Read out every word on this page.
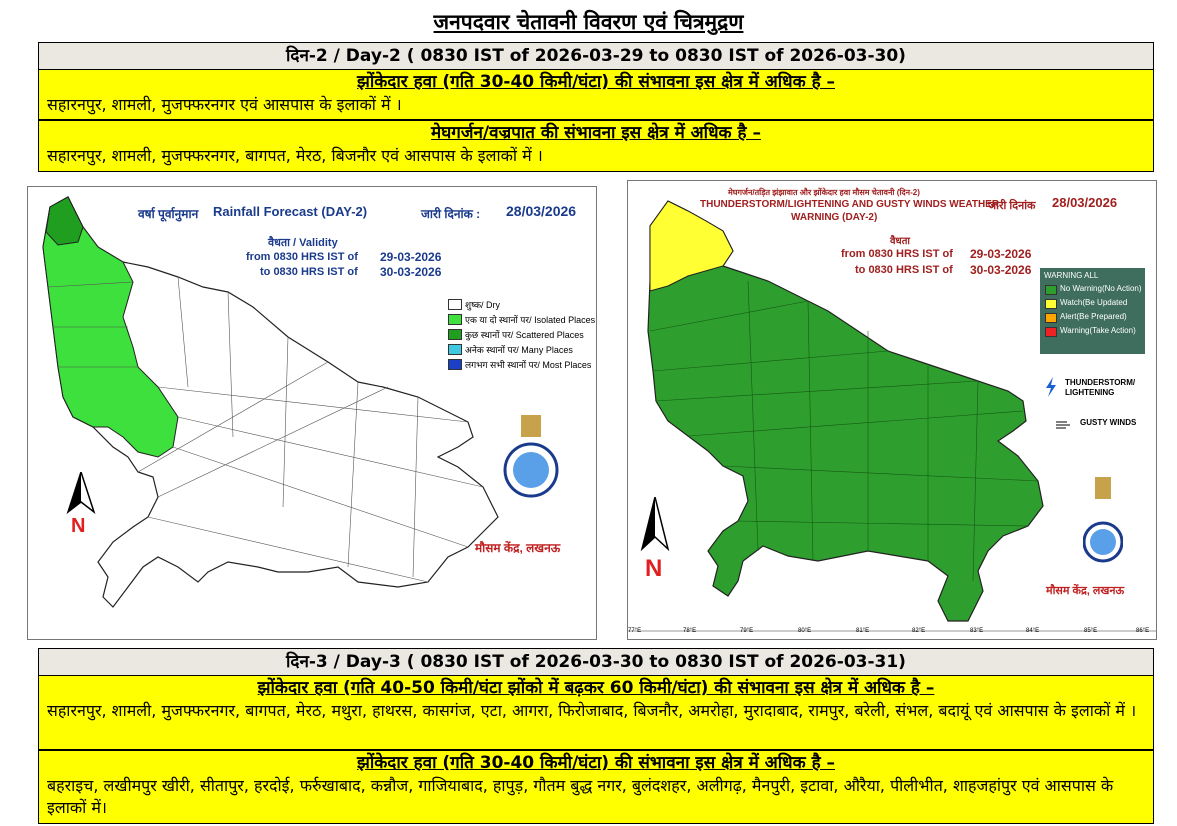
जनपदवार चेतावनी विवरण एवं चित्रमुद्रण
दिन-2 / Day-2 ( 0830 IST of 2026-03-29 to 0830 IST of 2026-03-30)
झोंकेदार हवा (गति 30-40 किमी/घंटा) की संभावना इस क्षेत्र में अधिक है –
सहारनपुर, शामली, मुजफ्फरनगर एवं आसपास के इलाकों में ।
मेघगर्जन/वज्रपात की संभावना इस क्षेत्र में अधिक है –
सहारनपुर, शामली, मुजफ्फरनगर, बागपत, मेरठ, बिजनौर एवं आसपास के इलाकों में ।
वर्षा पूर्वानुमान Rainfall Forecast (DAY-2)	जारी दिनांक : 28/03/2026
वैधता / Validity
from 0830 HRS IST of 29-03-2026
to 0830 HRS IST of 30-03-2026
शुष्क/ Dry
एक या दो स्थानों पर/ Isolated Places
कुछ स्थानों पर/ Scattered Places
अनेक स्थानों पर/ Many Places
लगभग सभी स्थानों पर/ Most Places
N
मौसम केंद्र, लखनऊ
मेघगर्जन/तड़ित झंझावात और झोंकेदार हवा मौसम चेतावनी (दिन-2)
THUNDERSTORM/LIGHTENING AND GUSTY WINDS WEATHER
WARNING (DAY-2)
जारी दिनांक 28/03/2026
वैधता
from 0830 HRS IST of 29-03-2026
to 0830 HRS IST of 30-03-2026 WARNING ALL
No Warning(No Action)
Watch(Be Updated
Alert(Be Prepared)
Warning(Take Action)
THUNDERSTORM/
LIGHTENING
GUSTY WINDS
N
मौसम केंद्र, लखनऊ
77°E	78°E	79°E	80°E	81°E	82°E	83°E	84°E	85°E	86°E
दिन-3 / Day-3 ( 0830 IST of 2026-03-30 to 0830 IST of 2026-03-31)
झोंकेदार हवा (गति 40-50 किमी/घंटा झोंको में बढ़कर 60 किमी/घंटा) की संभावना इस क्षेत्र में अधिक है –
सहारनपुर, शामली, मुजफ्फरनगर, बागपत, मेरठ, मथुरा, हाथरस, कासगंज, एटा, आगरा, फिरोजाबाद, बिजनौर, अमरोहा, मुरादाबाद, रामपुर, बरेली, संभल, बदायूं एवं आसपास के इलाकों में ।
झोंकेदार हवा (गति 30-40 किमी/घंटा) की संभावना इस क्षेत्र में अधिक है –
बहराइच, लखीमपुर खीरी, सीतापुर, हरदोई, फर्रुखाबाद, कन्नौज, गाजियाबाद, हापुड़, गौतम बुद्ध नगर, बुलंदशहर, अलीगढ़, मैनपुरी, इटावा, औरैया, पीलीभीत, शाहजहांपुर एवं आसपास के इलाकों में।
